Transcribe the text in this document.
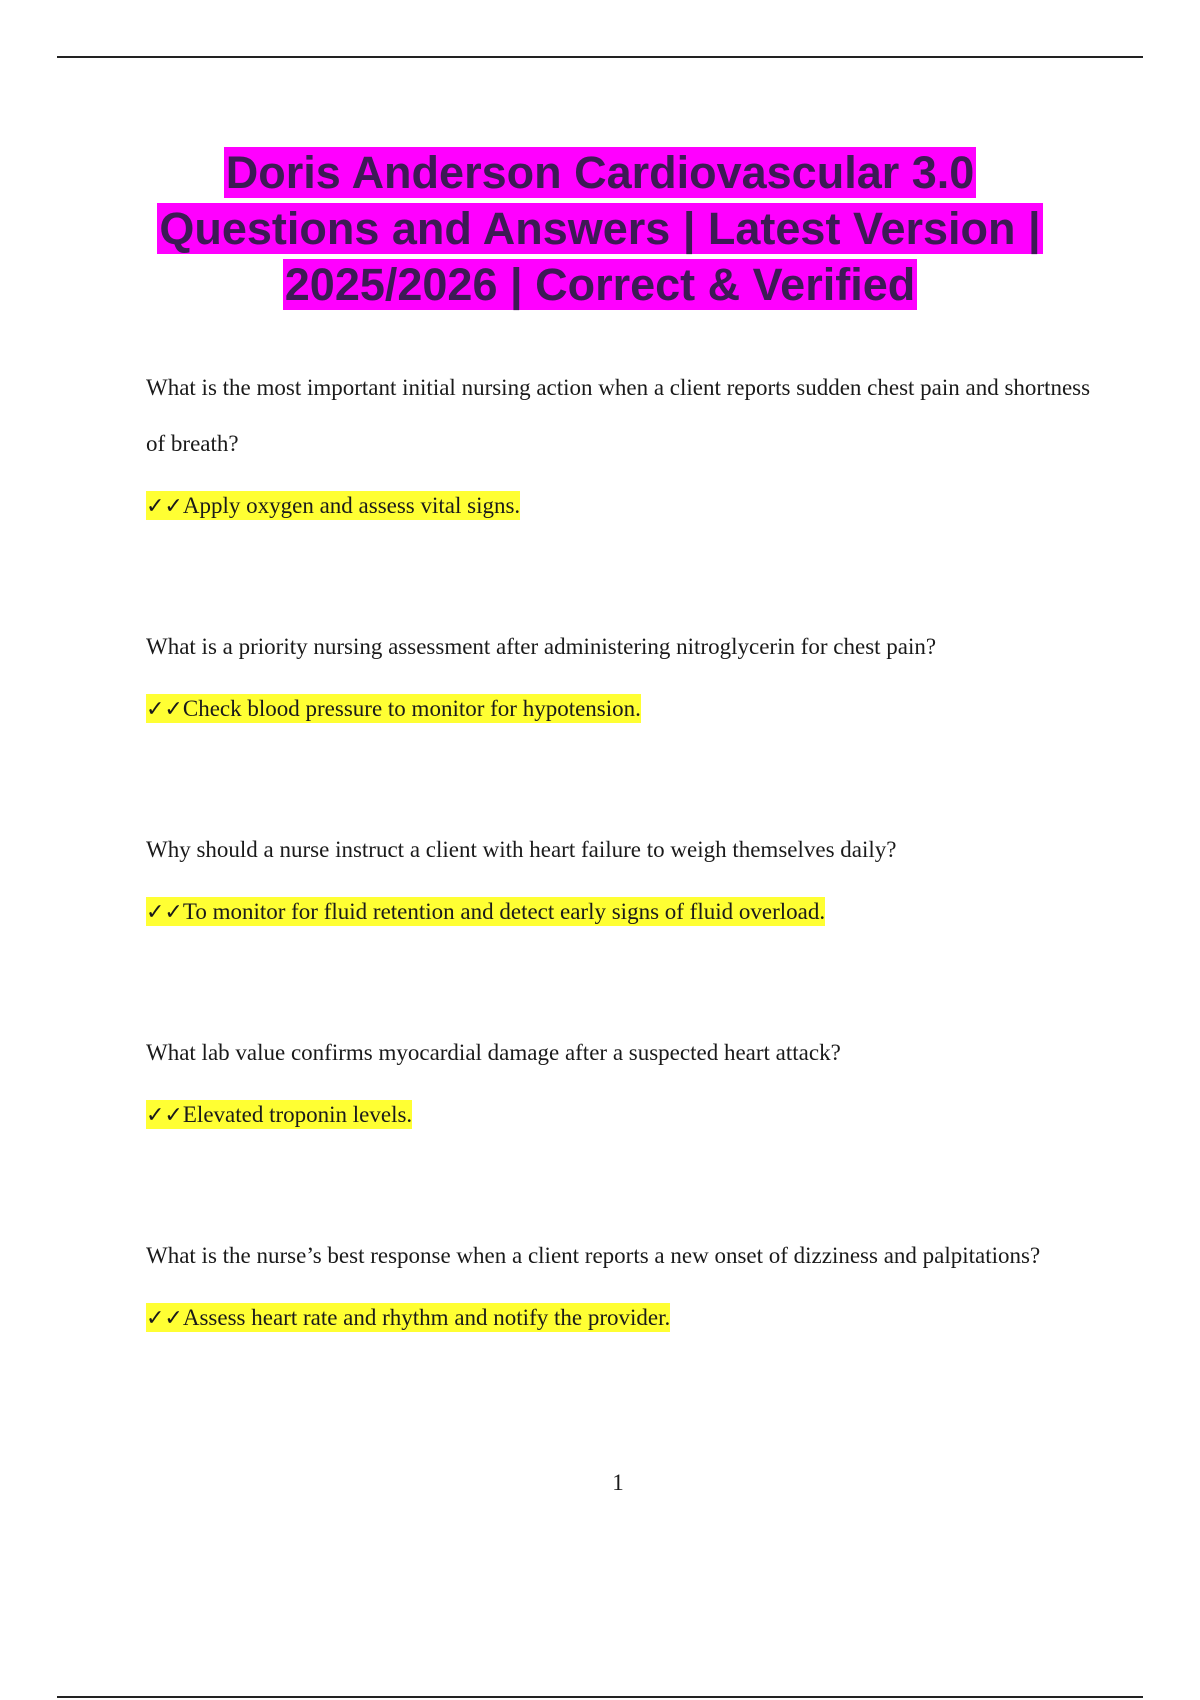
Doris Anderson Cardiovascular 3.0 Questions and Answers | Latest Version | 2025/2026 | Correct & Verified

What is the most important initial nursing action when a client reports sudden chest pain and shortness of breath?

✓✓Apply oxygen and assess vital signs.

What is a priority nursing assessment after administering nitroglycerin for chest pain?

✓✓Check blood pressure to monitor for hypotension.

Why should a nurse instruct a client with heart failure to weigh themselves daily?

✓✓To monitor for fluid retention and detect early signs of fluid overload.

What lab value confirms myocardial damage after a suspected heart attack?

✓✓Elevated troponin levels.

What is the nurse’s best response when a client reports a new onset of dizziness and palpitations?

✓✓Assess heart rate and rhythm and notify the provider.

1
